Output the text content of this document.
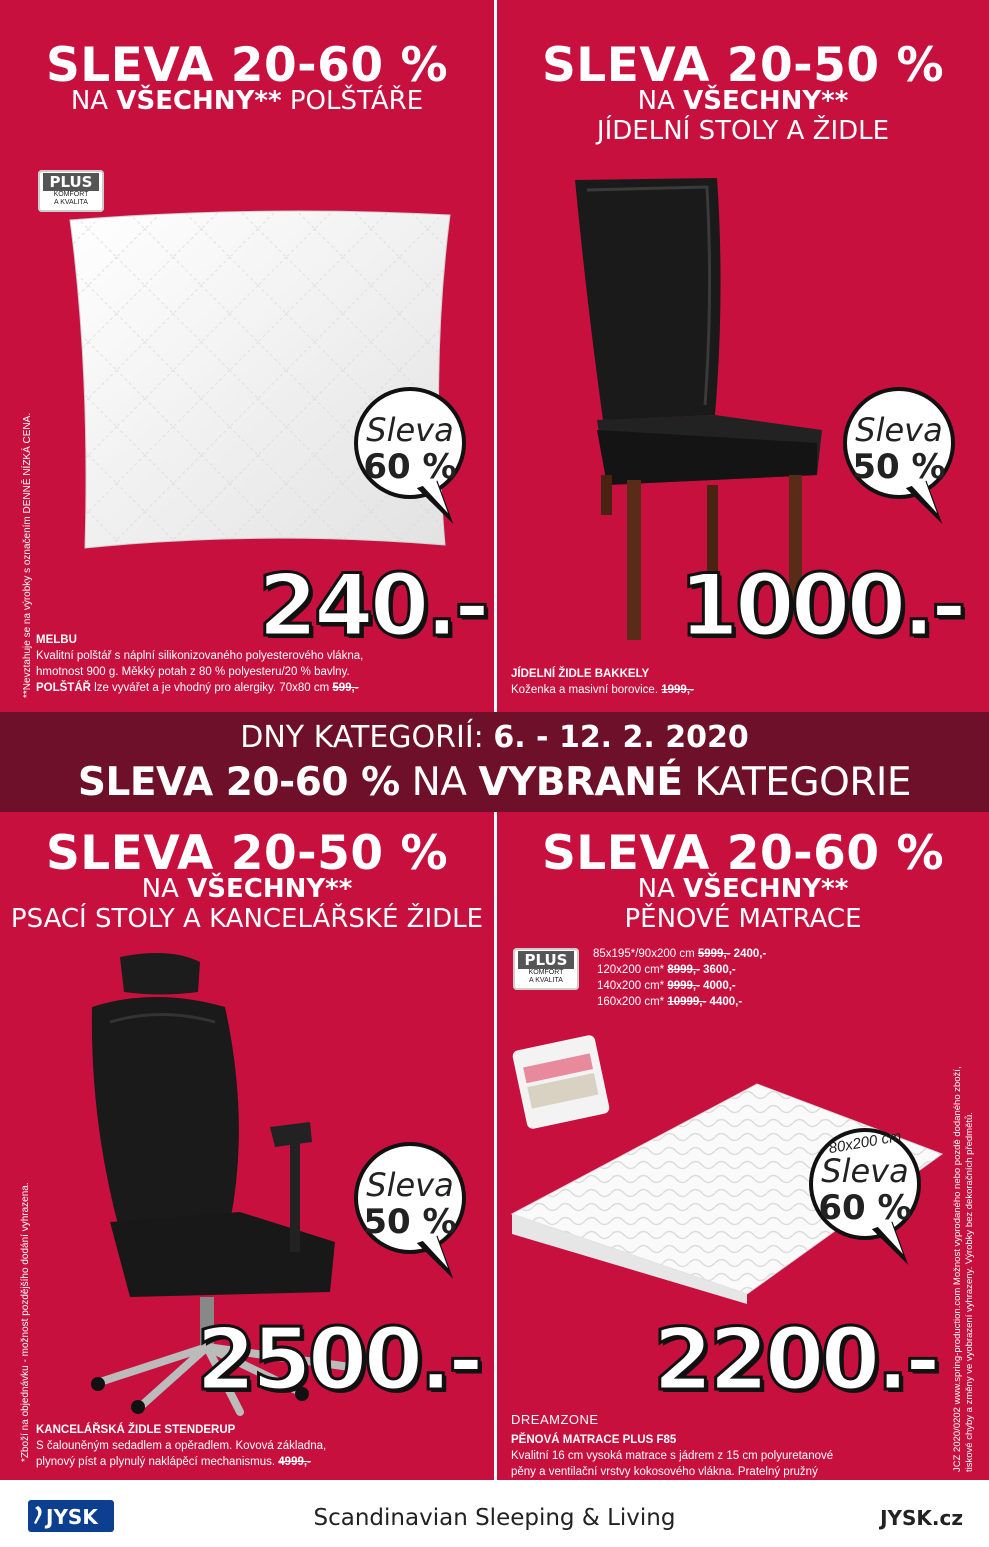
SLEVA 20-60 %
NA VŠECHNY** POLŠTÁŘE
PLUS
KOMFORT
A KVALITA
Sleva
60 %
240.-
MELBU
Kvalitní polštář s náplní silikonizovaného polyesterového vlákna,
hmotnost 900 g. Měkký potah z 80 % polyesteru/20 % bavlny.
POLŠTÁŘ lze vyvářet a je vhodný pro alergiky. 70x80 cm 599,-
**Nevztahuje se na výrobky s označením DENNĚ NÍZKÁ CENA.
SLEVA 20-50 %
NA VŠECHNY**
JÍDELNÍ STOLY A ŽIDLE
Sleva
50 %
1000.-
JÍDELNÍ ŽIDLE BAKKELY
Koženka a masivní borovice. 1999,-
DNY KATEGORIÍ: 6. - 12. 2. 2020
SLEVA 20-60 % NA VYBRANÉ KATEGORIE
SLEVA 20-50 %
NA VŠECHNY**
PSACÍ STOLY A KANCELÁŘSKÉ ŽIDLE
Sleva
50 %
2500.-
KANCELÁŘSKÁ ŽIDLE STENDERUP
S čalouněným sedadlem a opěradlem. Kovová základna,
plynový píst a plynulý naklápěcí mechanismus. 4999,-
*Zboží na objednávku - možnost pozdějšího dodání vyhrazena.
SLEVA 20-60 %
NA VŠECHNY**
PĚNOVÉ MATRACE
PLUS
KOMFORT
A KVALITA
85x195*/90x200 cm 5999,- 2400,-
120x200 cm* 8999,- 3600,-
140x200 cm* 9999,- 4000,-
160x200 cm* 10999,- 4400,-
80x200 cm
Sleva
60 %
2200.-
DREAMZONE
PĚNOVÁ MATRACE PLUS F85
Kvalitní 16 cm vysoká matrace s jádrem z 15 cm polyuretanové
pěny a ventilační vrstvy kokosového vlákna. Pratelný pružný	JCZ 2020/0202 www.spring-production.com Možnost vyprodaného nebo pozdě dodaného zboží, tiskové chyby a změny ve vyobrazení vyhrazeny. Výrobky bez dekoračních předmětů.
JYSK	Scandinavian Sleeping & Living	JYSK.cz
